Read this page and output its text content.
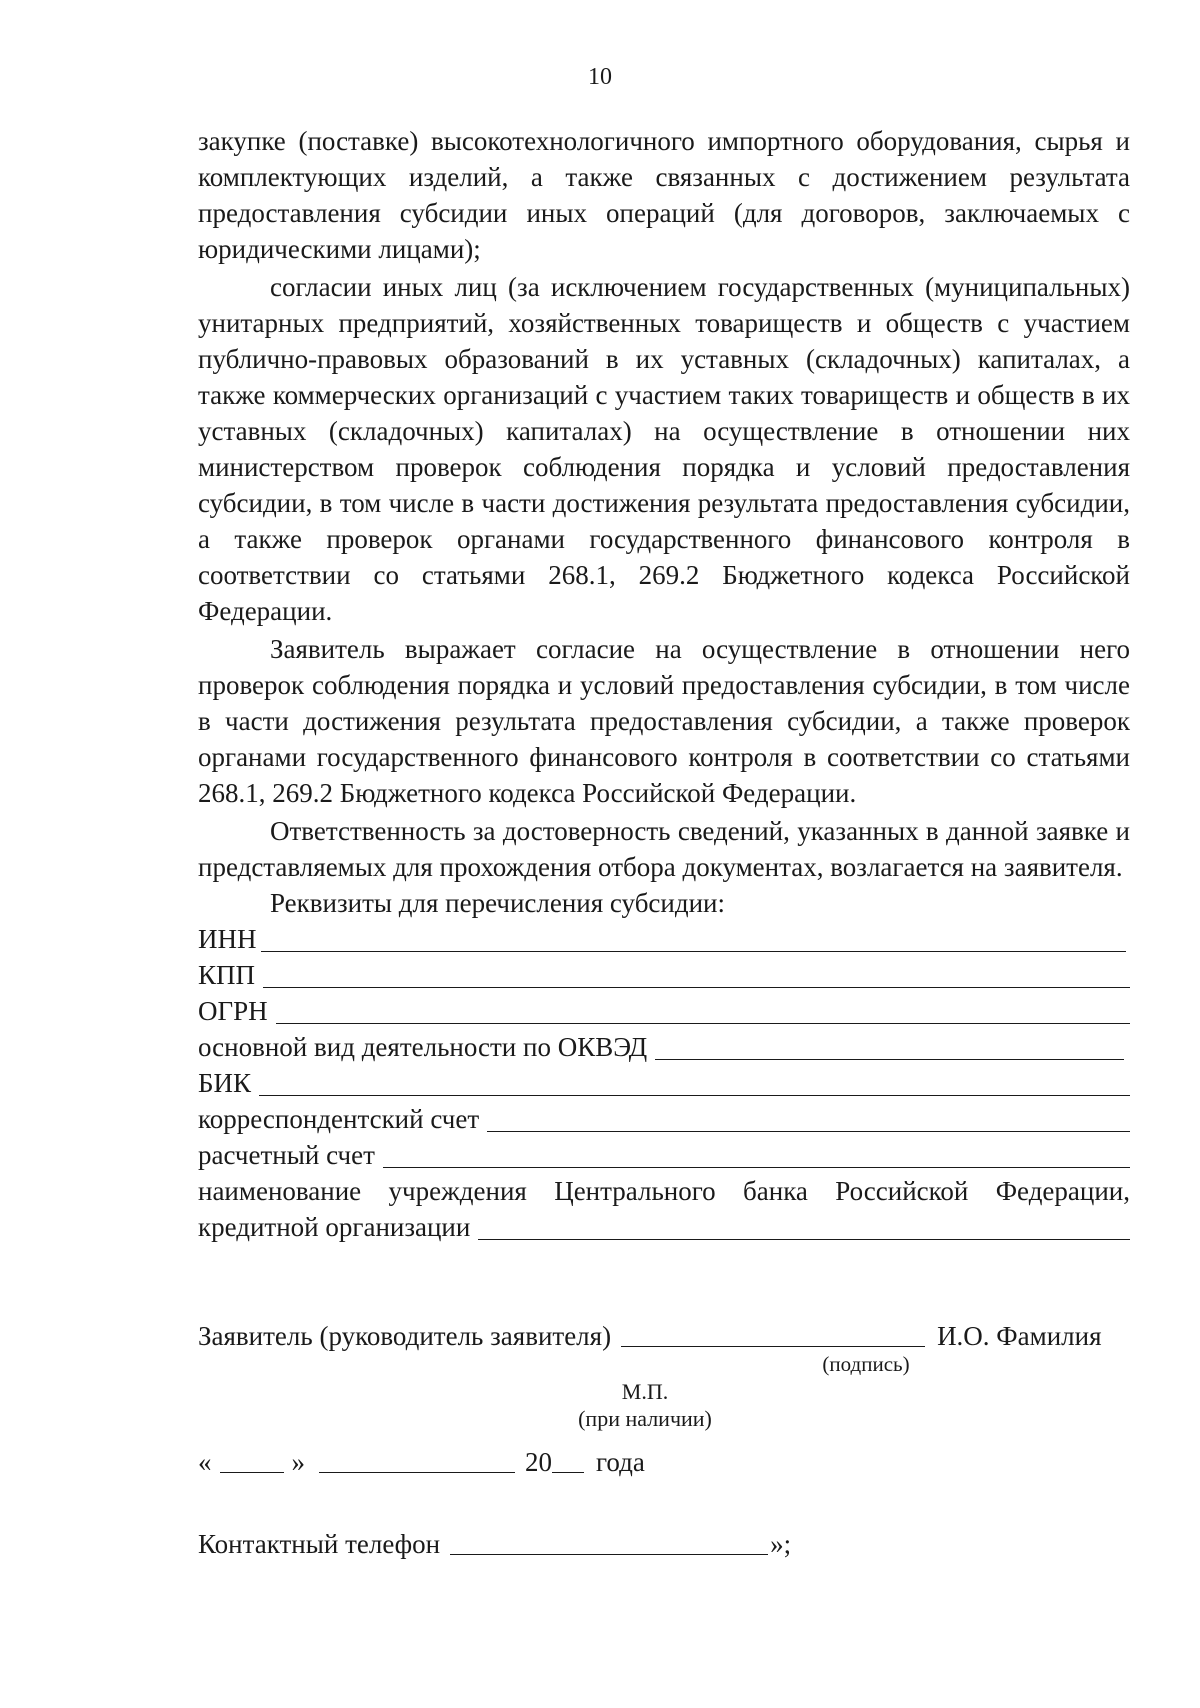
10

закупке (поставке) высокотехнологичного импортного оборудования, сырья и комплектующих изделий, а также связанных с достижением результата предоставления субсидии иных операций (для договоров, заключаемых с юридическими лицами);

согласии иных лиц (за исключением государственных (муниципальных) унитарных предприятий, хозяйственных товариществ и обществ с участием публично-правовых образований в их уставных (складочных) капиталах, а также коммерческих организаций с участием таких товариществ и обществ в их уставных (складочных) капиталах) на осуществление в отношении них министерством проверок соблюдения порядка и условий предоставления субсидии, в том числе в части достижения результата предоставления субсидии, а также проверок органами государственного финансового контроля в соответствии со статьями 268.1, 269.2 Бюджетного кодекса Российской Федерации.

Заявитель выражает согласие на осуществление в отношении него проверок соблюдения порядка и условий предоставления субсидии, в том числе в части достижения результата предоставления субсидии, а также проверок органами государственного финансового контроля в соответствии со статьями 268.1, 269.2 Бюджетного кодекса Российской Федерации.

Ответственность за достоверность сведений, указанных в данной заявке и представляемых для прохождения отбора документах, возлагается на заявителя.

Реквизиты для перечисления субсидии:

ИНН
КПП
ОГРН
основной вид деятельности по ОКВЭД
БИК
корреспондентский счет
расчетный счет

наименование учреждения Центрального банка Российской Федерации,

кредитной организации
Заявитель (руководитель заявителя)	И.О. Фамилия
(подпись)
М.П.
(при наличии)
«	»	20 года
Контактный телефон	»;
